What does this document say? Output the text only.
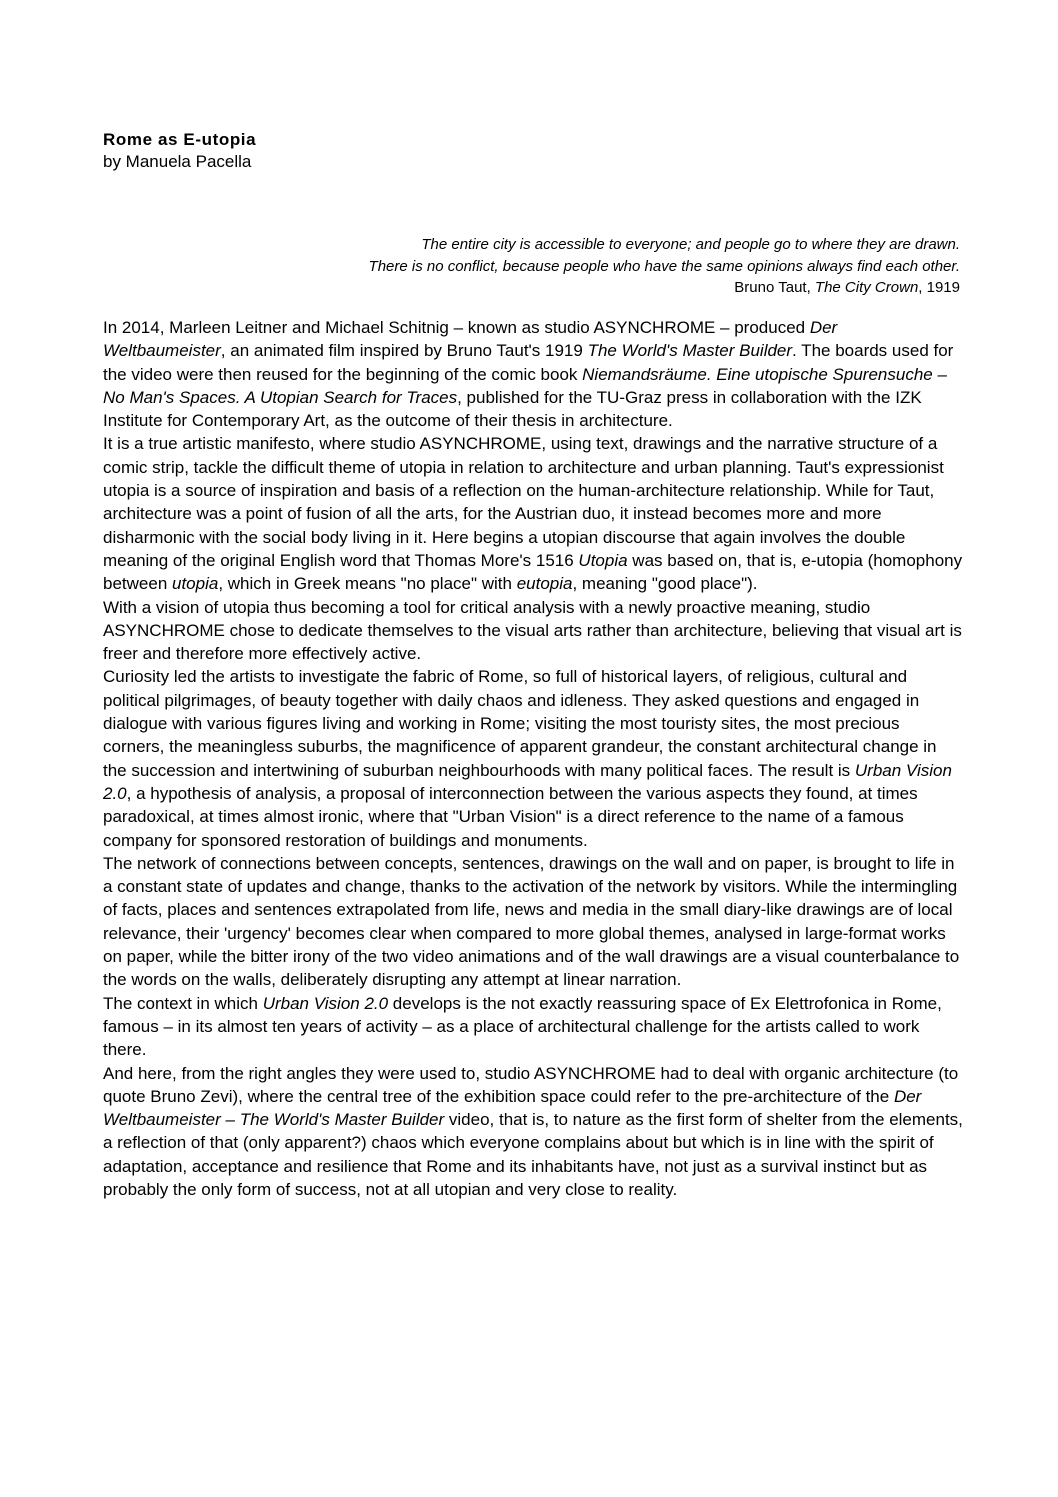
Rome as E-utopia

by Manuela Pacella

The entire city is accessible to everyone; and people go to where they are drawn.

There is no conflict, because people who have the same opinions always find each other.

Bruno Taut, The City Crown, 1919

In 2014, Marleen Leitner and Michael Schitnig – known as studio ASYNCHROME – produced Der Weltbaumeister, an animated film inspired by Bruno Taut's 1919 The World's Master Builder. The boards used for the video were then reused for the beginning of the comic book Niemandsräume. Eine utopische Spurensuche – No Man's Spaces. A Utopian Search for Traces, published for the TU-Graz press in collaboration with the IZK Institute for Contemporary Art, as the outcome of their thesis in architecture.

It is a true artistic manifesto, where studio ASYNCHROME, using text, drawings and the narrative structure of a comic strip, tackle the difficult theme of utopia in relation to architecture and urban planning. Taut's expressionist utopia is a source of inspiration and basis of a reflection on the human-architecture relationship. While for Taut, architecture was a point of fusion of all the arts, for the Austrian duo, it instead becomes more and more disharmonic with the social body living in it. Here begins a utopian discourse that again involves the double meaning of the original English word that Thomas More's 1516 Utopia was based on, that is, e-utopia (homophony between utopia, which in Greek means "no place" with eutopia, meaning "good place").

With a vision of utopia thus becoming a tool for critical analysis with a newly proactive meaning, studio ASYNCHROME chose to dedicate themselves to the visual arts rather than architecture, believing that visual art is freer and therefore more effectively active.

Curiosity led the artists to investigate the fabric of Rome, so full of historical layers, of religious, cultural and political pilgrimages, of beauty together with daily chaos and idleness. They asked questions and engaged in dialogue with various figures living and working in Rome; visiting the most touristy sites, the most precious corners, the meaningless suburbs, the magnificence of apparent grandeur, the constant architectural change in the succession and intertwining of suburban neighbourhoods with many political faces. The result is Urban Vision 2.0, a hypothesis of analysis, a proposal of interconnection between the various aspects they found, at times paradoxical, at times almost ironic, where that "Urban Vision" is a direct reference to the name of a famous company for sponsored restoration of buildings and monuments.

The network of connections between concepts, sentences, drawings on the wall and on paper, is brought to life in a constant state of updates and change, thanks to the activation of the network by visitors. While the intermingling of facts, places and sentences extrapolated from life, news and media in the small diary-like drawings are of local relevance, their 'urgency' becomes clear when compared to more global themes, analysed in large-format works on paper, while the bitter irony of the two video animations and of the wall drawings are a visual counterbalance to the words on the walls, deliberately disrupting any attempt at linear narration.

The context in which Urban Vision 2.0 develops is the not exactly reassuring space of Ex Elettrofonica in Rome, famous – in its almost ten years of activity – as a place of architectural challenge for the artists called to work there.

And here, from the right angles they were used to, studio ASYNCHROME had to deal with organic architecture (to quote Bruno Zevi), where the central tree of the exhibition space could refer to the pre-architecture of the Der Weltbaumeister – The World's Master Builder video, that is, to nature as the first form of shelter from the elements, a reflection of that (only apparent?) chaos which everyone complains about but which is in line with the spirit of adaptation, acceptance and resilience that Rome and its inhabitants have, not just as a survival instinct but as probably the only form of success, not at all utopian and very close to reality.
